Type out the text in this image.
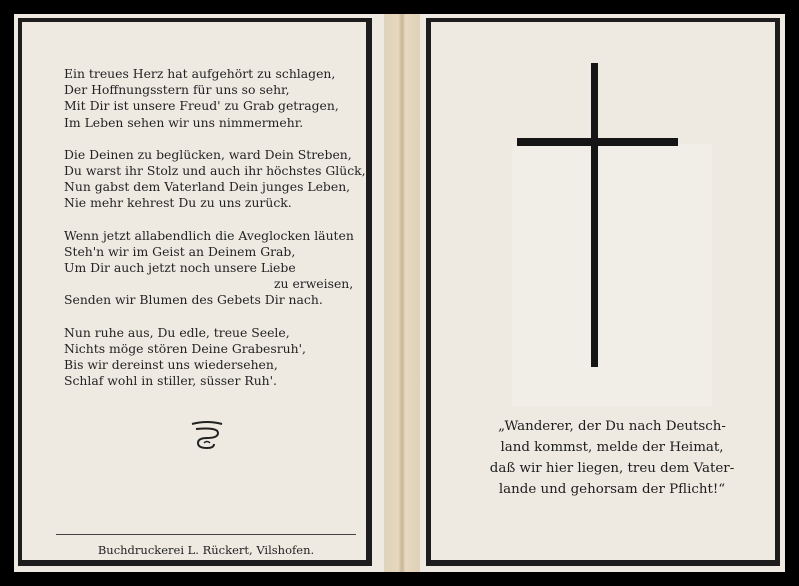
Ein treues Herz hat aufgehört zu schlagen,
Der Hoffnungsstern für uns so sehr,
Mit Dir ist unsere Freud' zu Grab getragen,
Im Leben sehen wir uns nimmermehr.
Die Deinen zu beglücken, ward Dein Streben,
Du warst ihr Stolz und auch ihr höchstes Glück,
Nun gabst dem Vaterland Dein junges Leben,
Nie mehr kehrest Du zu uns zurück.
Wenn jetzt allabendlich die Aveglocken läuten
Steh'n wir im Geist an Deinem Grab,
Um Dir auch jetzt noch unsere Liebe
zu erweisen,
Senden wir Blumen des Gebets Dir nach.
Nun ruhe aus, Du edle, treue Seele,
Nichts möge stören Deine Grabesruh',
Bis wir dereinst uns wiedersehen,
Schlaf wohl in stiller, süsser Ruh'.
Buchdruckerei L. Rückert, Vilshofen.
„Wanderer, der Du nach Deutsch-
land kommst, melde der Heimat,
daß wir hier liegen, treu dem Vater-
lande und gehorsam der Pflicht!“
